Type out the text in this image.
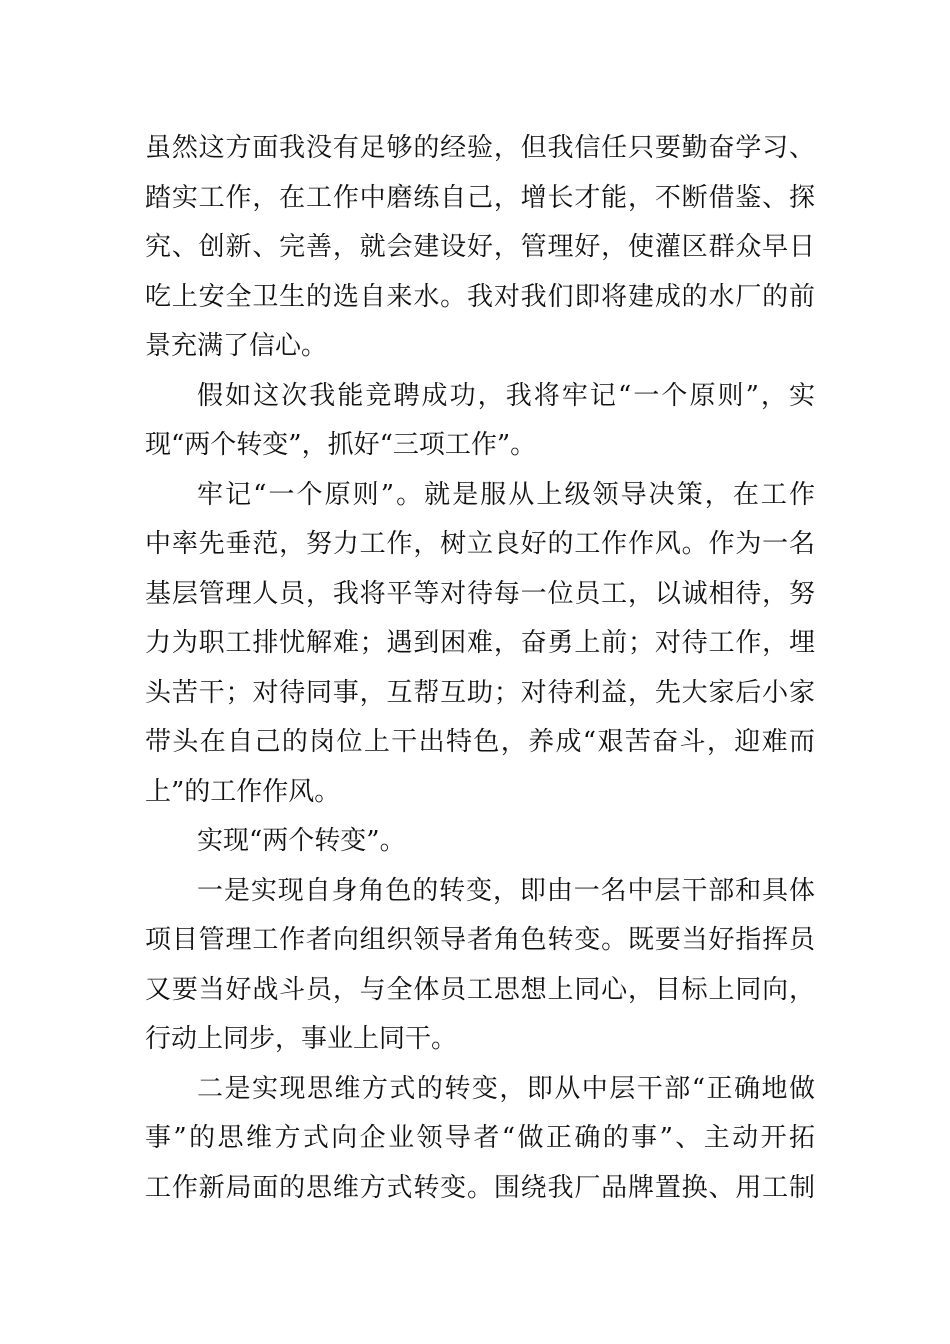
虽然这方面我没有足够的经验，但我信任只要勤奋学习、
踏实工作，在工作中磨练自己，增长才能，不断借鉴、探
究、创新、完善，就会建设好，管理好，使灌区群众早日
吃上安全卫生的选自来水。我对我们即将建成的水厂的前
景充满了信心。
假如这次我能竞聘成功，我将牢记“一个原则”，实
现“两个转变”，抓好“三项工作”。
牢记“一个原则”。就是服从上级领导决策，在工作
中率先垂范，努力工作，树立良好的工作作风。作为一名
基层管理人员，我将平等对待每一位员工，以诚相待，努
力为职工排忧解难；遇到困难，奋勇上前；对待工作，埋
头苦干；对待同事，互帮互助；对待利益，先大家后小家
带头在自己的岗位上干出特色，养成“艰苦奋斗，迎难而
上”的工作作风。
实现“两个转变”。
一是实现自身角色的转变，即由一名中层干部和具体
项目管理工作者向组织领导者角色转变。既要当好指挥员
又要当好战斗员，与全体员工思想上同心，目标上同向，
行动上同步，事业上同干。
二是实现思维方式的转变，即从中层干部“正确地做
事”的思维方式向企业领导者“做正确的事”、主动开拓
工作新局面的思维方式转变。围绕我厂品牌置换、用工制
